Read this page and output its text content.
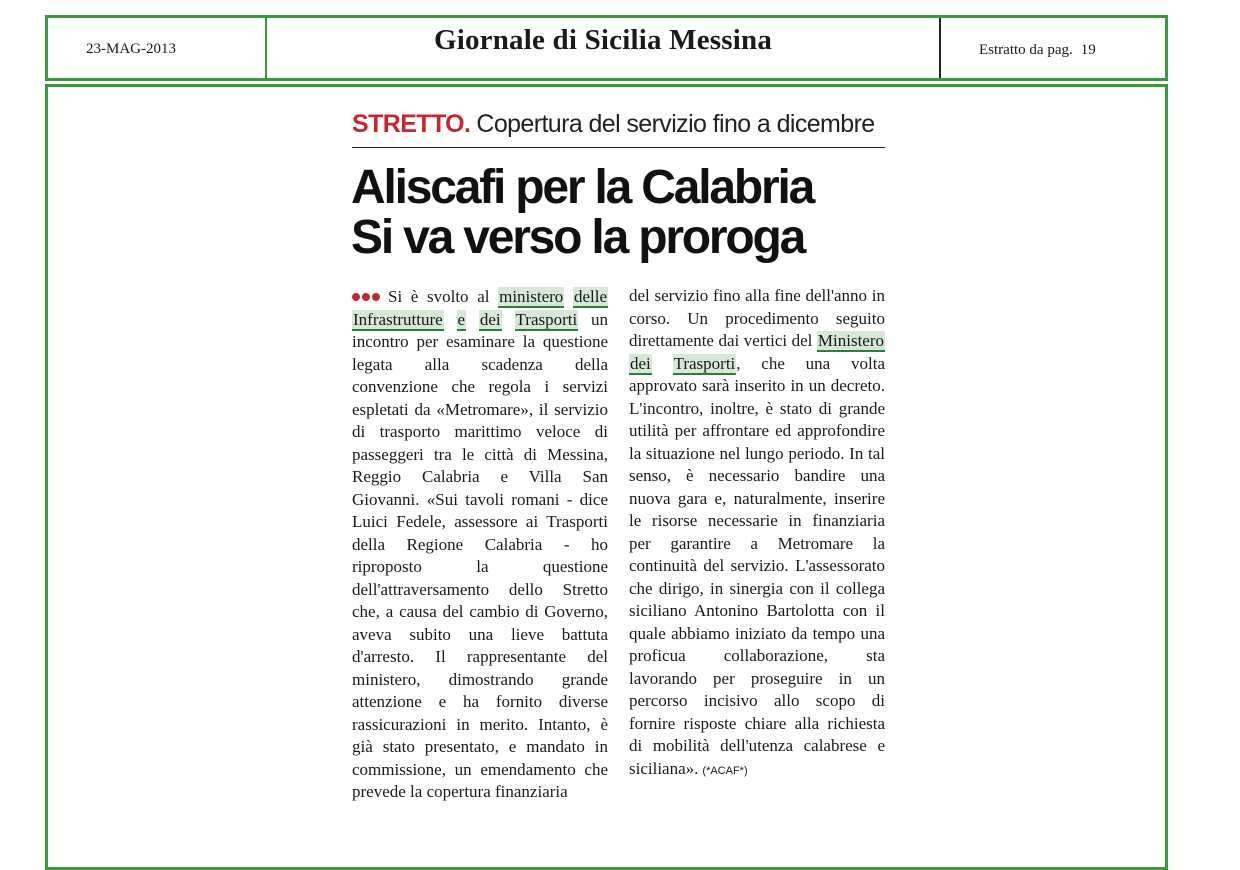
23-MAG-2013	Giornale di Sicilia Messina	Estratto da pag. 19
STRETTO. Copertura del servizio fino a dicembre
Aliscafi per la Calabria
Si va verso la proroga

Si è svolto al ministero delle Infrastrutture e dei Trasporti un incontro per esaminare la questione legata alla scadenza della convenzione che regola i servizi espletati da «Metromare», il servizio di trasporto marittimo veloce di passeggeri tra le città di Messina, Reggio Calabria e Villa San Giovanni. «Sui tavoli romani - dice Luici Fedele, assessore ai Trasporti della Regione Calabria - ho riproposto la questione dell'attraversamento dello Stretto che, a causa del cambio di Governo, aveva subito una lieve battuta d'arresto. Il rappresentante del ministero, dimostrando grande attenzione e ha fornito diverse rassicurazioni in merito. Intanto, è già stato presentato, e mandato in commissione, un emendamento che prevede la copertura finanziaria

del servizio fino alla fine dell'anno in corso. Un procedimento seguito direttamente dai vertici del Ministero dei Trasporti, che una volta approvato sarà inserito in un decreto. L'incontro, inoltre, è stato di grande utilità per affrontare ed approfondire la situazione nel lungo periodo. In tal senso, è necessario bandire una nuova gara e, naturalmente, inserire le risorse necessarie in finanziaria per garantire a Metromare la continuità del servizio. L'assessorato che dirigo, in sinergia con il collega siciliano Antonino Bartolotta con il quale abbiamo iniziato da tempo una proficua collaborazione, sta lavorando per proseguire in un percorso incisivo allo scopo di fornire risposte chiare alla richiesta di mobilità dell'utenza calabrese e siciliana». (*ACAF*)
